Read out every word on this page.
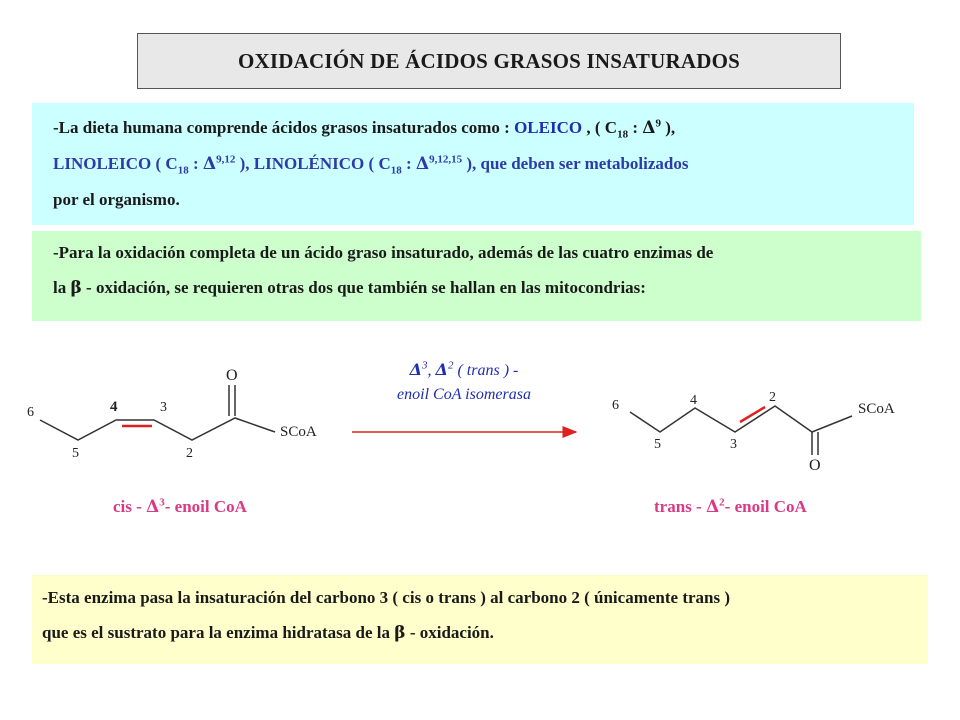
OXIDACIÓN DE ÁCIDOS GRASOS INSATURADOS

-La dieta humana comprende ácidos grasos insaturados como : OLEICO , ( $C_{18}$ : $\Delta^9$ ),

LINOLEICO ( $C_{18}$ : Δ$^{9,12}$ ), LINOLÉNICO ( $C_{18}$ : Δ$^{9,12,15}$ ), que deben ser metabolizados

por el organismo.

-Para la oxidación completa de un ácido graso insaturado, además de las cuatro enzimas de

la β - oxidación, se requieren otras dos que también se hallan en las mitocondrias:

6
5
4	3
2
O
SCoA
6
5
4
3
2
O
SCoA
$\Delta^3$, $\Delta^2$ ( trans ) -
enoil CoA isomerasa
cis - $\Delta^3-$ enoil CoA	trans - $\Delta^2-$ enoil CoA

-Esta enzima pasa la insaturación del carbono 3 ( cis o trans ) al carbono 2 ( únicamente trans )

que es el sustrato para la enzima hidratasa de la β - oxidación.
